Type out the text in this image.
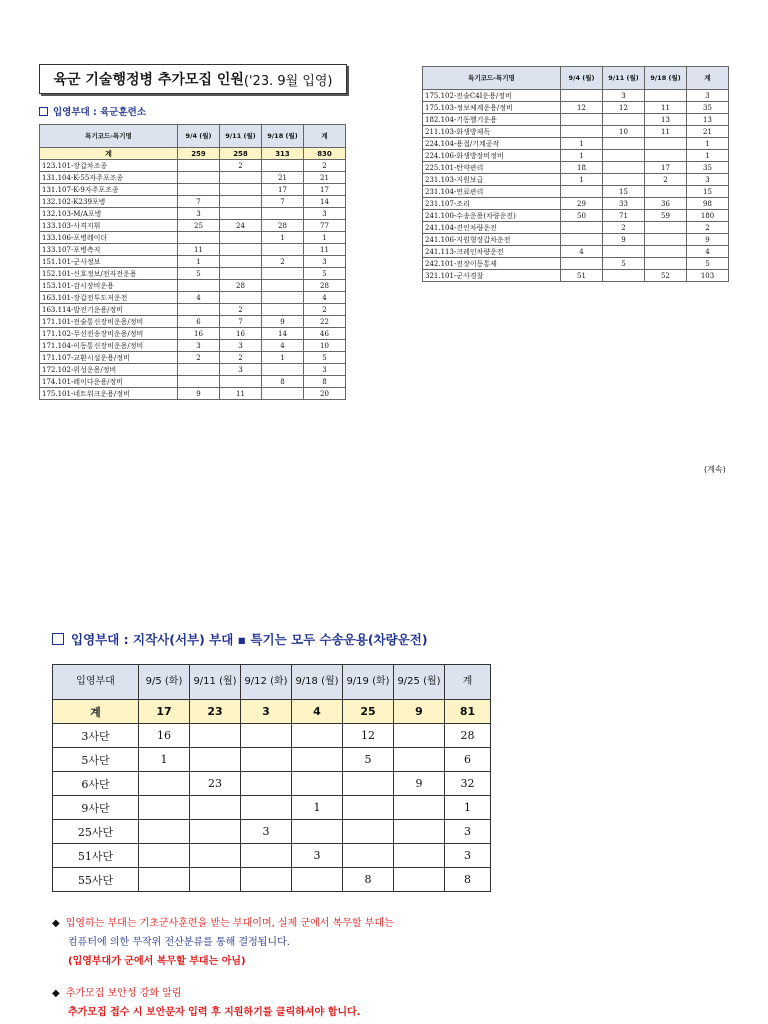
육군 기술행정병 추가모집 인원 ('23. 9월 입영)
입영부대 : 육군훈련소
특기코드-특기명	9/4 (월)	9/11 (월)	9/18 (월)	계
계	259	258	313	830
123.101-장갑차조종		2		2
131.104-K-55자주포조종			21	21
131.107-K-9자주포조종			17	17
132.102-K239포병	7		7	14
132.103-M/A포병	3			3
133.103-사격지휘	25	24	28	77
133.106-포병레이더			1	1
133.107-포병측지	11			11
151.101-군사정보	1		2	3
152.101-신호정보/전자전운용	5			5
153.101-감시장비운용		28		28
163.101-장갑전투도저운전	4			4
163.114-발전기운용/정비		2		2
171.101-전술통신장비운용/정비	6	7	9	22
171.102-무선전송장비운용/정비	16	16	14	46
171.104-이동통신장비운용/정비	3	3	4	10
171.107-교환시설운용/정비	2	2	1	5
172.102-위성운용/정비		3		3
174.101-레이다운용/정비			8	8
175.101-네트워크운용/정비	9	11		20
특기코드-특기명	9/4 (월)	9/11 (월)	9/18 (월)	계
175.102-전술C4I운용/정비		3		3
175.103-정보체계운용/정비	12	12	11	35
182.104-기동헬기운용			13	13
211.103-화생방제독		10	11	21
224.104-용접/기계공작	1			1
224.106-화생방장비정비	1			1
225.101-탄약관리	18		17	35
231.103-지원보급	1		2	3
231.104-연료관리		15		15
231.107-조리	29	33	36	98
241.100-수송운용(차량운전)	50	71	59	180
241.104-견인차량운전		2		2
241.106-지원형장갑차운전		9		9
241.113-크레인차량운전	4			4
242.101-전장이동통제		5		5
321.101-군사경찰	51		52	103
(계속)
입영부대 : 지작사(서부) 부대 ▪ 특기는 모두 수송운용(차량운전)
입영부대	9/5 (화)	9/11 (월)	9/12 (화)	9/18 (월)	9/19 (화)	9/25 (월)	계
계	17	23	3	4	25	9	81
3사단	16				12		28
5사단	1				5		6
6사단		23				9	32
9사단				1			1
25사단			3				3
51사단				3			3
55사단					8		8
◆ 입영하는 부대는 기초군사훈련을 받는 부대이며, 실제 군에서 복무할 부대는
컴퓨터에 의한 무작위 전산분류를 통해 결정됩니다.
(입영부대가 군에서 복무할 부대는 아님)
◆ 추가모집 보안성 강화 알림
추가모집 접수 시 보안문자 입력 후 지원하기를 클릭하셔야 합니다.
